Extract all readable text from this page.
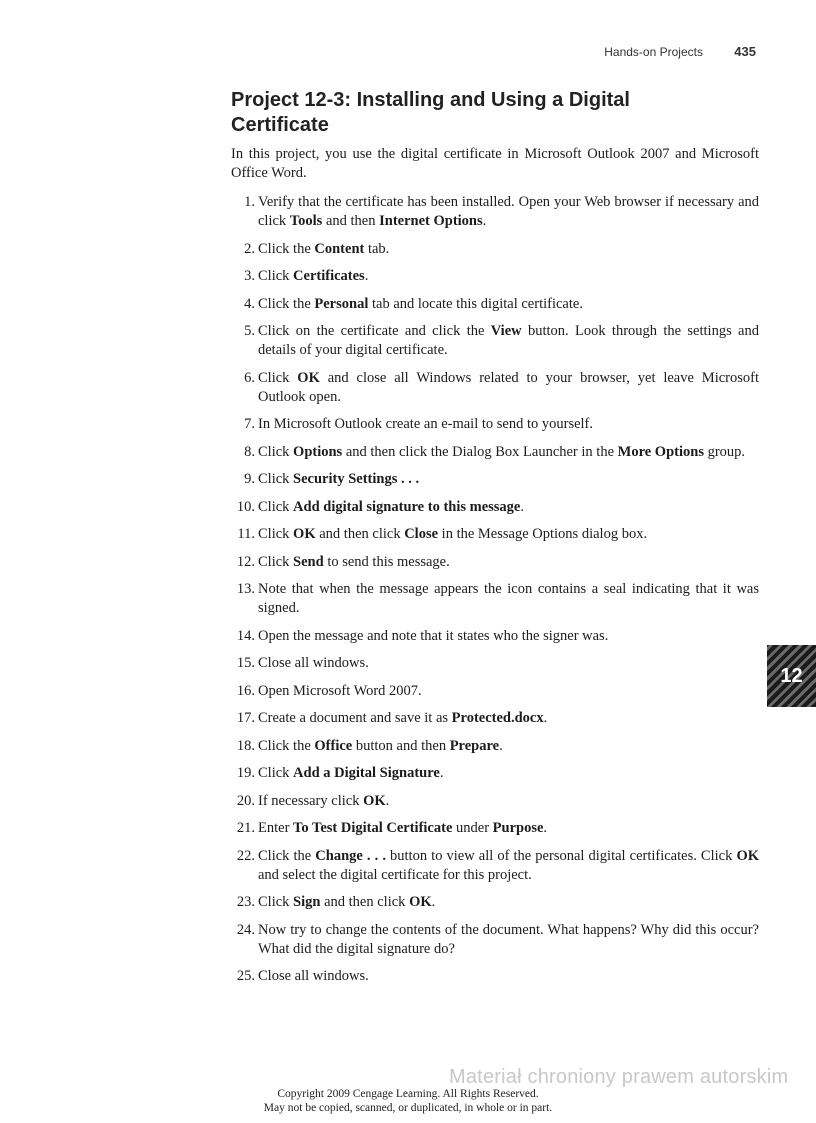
Hands-on Projects 435
Project 12-3: Installing and Using a Digital Certificate

In this project, you use the digital certificate in Microsoft Outlook 2007 and Microsoft Office Word.

1. Verify that the certificate has been installed. Open your Web browser if necessary and click Tools and then Internet Options.
2. Click the Content tab.
3. Click Certificates.
4. Click the Personal tab and locate this digital certificate.
5. Click on the certificate and click the View button. Look through the settings and details of your digital certificate.
6. Click OK and close all Windows related to your browser, yet leave Microsoft Outlook open.
7. In Microsoft Outlook create an e-mail to send to yourself.
8. Click Options and then click the Dialog Box Launcher in the More Options group.
9. Click Security Settings . . .
10. Click Add digital signature to this message.
11. Click OK and then click Close in the Message Options dialog box.
12. Click Send to send this message.
13. Note that when the message appears the icon contains a seal indicating that it was signed.
14. Open the message and note that it states who the signer was.
15. Close all windows.
16. Open Microsoft Word 2007.
17. Create a document and save it as Protected.docx.
18. Click the Office button and then Prepare.
19. Click Add a Digital Signature.
20. If necessary click OK.
21. Enter To Test Digital Certificate under Purpose.
22. Click the Change . . . button to view all of the personal digital certificates. Click OK and select the digital certificate for this project.
23. Click Sign and then click OK.
24. Now try to change the contents of the document. What happens? Why did this occur? What did the digital signature do?
25. Close all windows.
12
Materiał chroniony prawem autorskim
Copyright 2009 Cengage Learning. All Rights Reserved.
May not be copied, scanned, or duplicated, in whole or in part.
